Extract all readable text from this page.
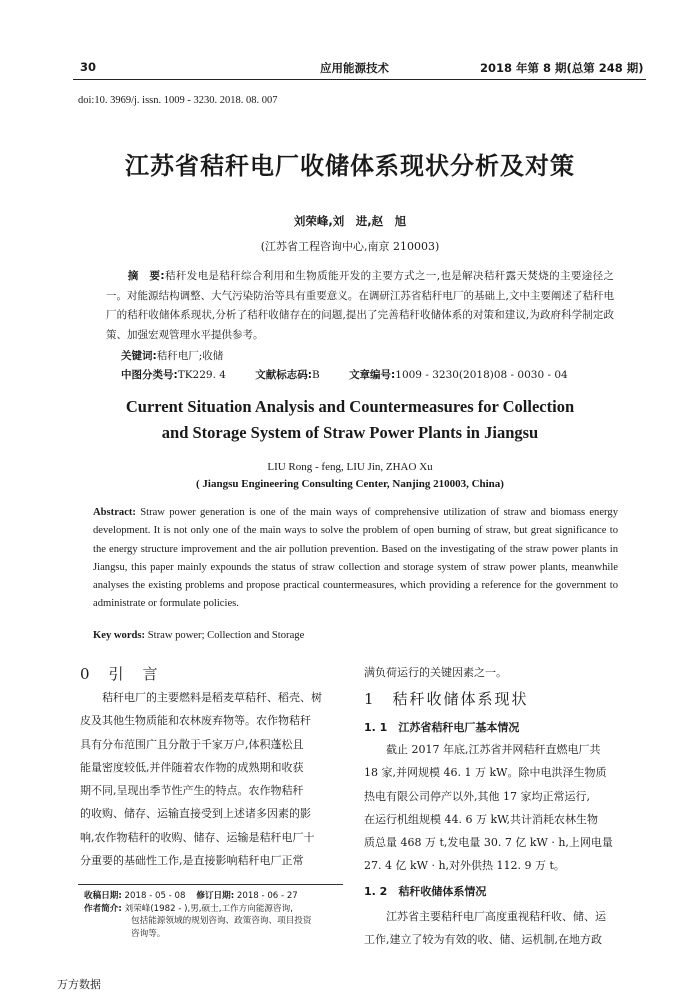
30	应用能源技术	2018 年第 8 期(总第 248 期)
doi:10. 3969/j. issn. 1009 - 3230. 2018. 08. 007
江苏省秸秆电厂收储体系现状分析及对策
刘荣峰,刘　进,赵　旭
(江苏省工程咨询中心,南京 210003)
　　摘　要:秸秆发电是秸秆综合利用和生物质能开发的主要方式之一,也是解决秸秆露天焚烧的主要途径之一。对能源结构调整、大气污染防治等具有重要意义。在调研江苏省秸秆电厂的基础上,文中主要阐述了秸秆电厂的秸秆收储体系现状,分析了秸秆收储存在的问题,提出了完善秸秆收储体系的对策和建议,为政府科学制定政策、加强宏观管理水平提供参考。
关键词:秸秆电厂;收储
中图分类号:TK229. 4	文献标志码:B	文章编号:1009 - 3230(2018)08 - 0030 - 04
Current Situation Analysis and Countermeasures for Collection
and Storage System of Straw Power Plants in Jiangsu
LIU Rong - feng, LIU Jin, ZHAO Xu
( Jiangsu Engineering Consulting Center, Nanjing 210003, China)
Abstract: Straw power generation is one of the main ways of comprehensive utilization of straw and biomass energy development. It is not only one of the main ways to solve the problem of open burning of straw, but great significance to the energy structure improvement and the air pollution prevention. Based on the investigating of the straw power plants in Jiangsu, this paper mainly expounds the status of straw collection and storage system of straw power plants, meanwhile analyses the existing problems and propose practical countermeasures, which providing a reference for the government to administrate or formulate policies.
Key words: Straw power; Collection and Storage
0　引　言
　　秸秆电厂的主要燃料是稻麦草秸秆、稻壳、树
皮及其他生物质能和农林废弃物等。农作物秸秆
具有分布范围广且分散于千家万户,体积蓬松且
能量密度较低,并伴随着农作物的成熟期和收获
期不同,呈现出季节性产生的特点。农作物秸秆
的收购、储存、运输直接受到上述诸多因素的影
响,农作物秸秆的收购、储存、运输是秸秆电厂十
分重要的基础性工作,是直接影响秸秆电厂正常
收稿日期: 2018 - 05 - 08 修订日期: 2018 - 06 - 27
作者简介: 刘荣峰(1982 - ),男,硕士,工作方向能源咨询,
包括能源领域的规划咨询、政策咨询、项目投资
咨询等。
满负荷运行的关键因素之一。
1　秸秆收储体系现状
1. 1　江苏省秸秆电厂基本情况
　　截止 2017 年底,江苏省并网秸秆直燃电厂共
18 家,并网规模 46. 1 万 kW。除中电洪泽生物质
热电有限公司停产以外,其他 17 家均正常运行,
在运行机组规模 44. 6 万 kW,共计消耗农林生物
质总量 468 万 t,发电量 30. 7 亿 kW · h,上网电量
27. 4 亿 kW · h,对外供热 112. 9 万 t。
1. 2　秸秆收储体系情况
　　江苏省主要秸秆电厂高度重视秸秆收、储、运
工作,建立了较为有效的收、储、运机制,在地方政
万方数据
